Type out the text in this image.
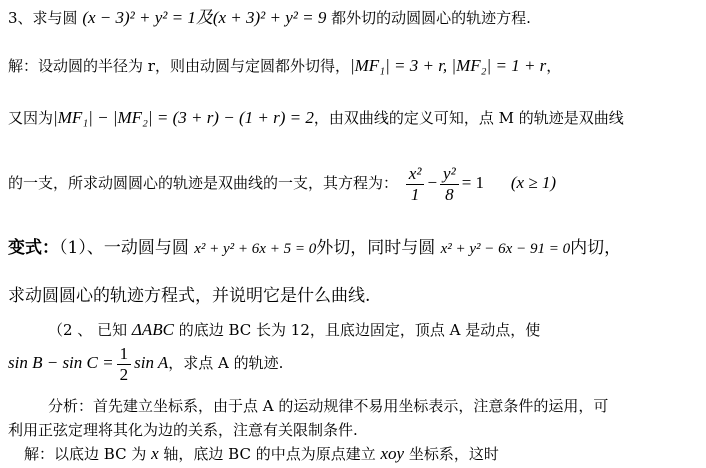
3、求与圆 (x − 3)² + y² = 1及(x + 3)² + y² = 9 都外切的动圆圆心的轨迹方程.
解：设动圆的半径为 r，则由动圆与定圆都外切得，|MF₁| = 3 + r, |MF₂| = 1 + r，
又因为|MF₁| − |MF₂| = (3 + r) − (1 + r) = 2，由双曲线的定义可知，点 M 的轨迹是双曲线
的一支，所求动圆圆心的轨迹是双曲线的一支，其方程为： $\frac{\text{x²}}{1} - \frac{\text{y²}}{8} = 1$ (x ≥ 1)
变式：（1）、一动圆与圆 x² + y² + 6x + 5 = 0外切，同时与圆 x² + y² − 6x − 91 = 0内切，
求动圆圆心的轨迹方程式，并说明它是什么曲线.
（2 、 已知 ΔABC 的底边 BC 长为 12，且底边固定，顶点 A 是动点，使
$\sin B - \sin C = \frac{1}{2}$ sin A，求点 A 的轨迹.
分析：首先建立坐标系，由于点 A 的运动规律不易用坐标表示，注意条件的运用，可
利用正弦定理将其化为边的关系，注意有关限制条件.
解：以底边 BC 为 x 轴，底边 BC 的中点为原点建立 xoy 坐标系，这时
